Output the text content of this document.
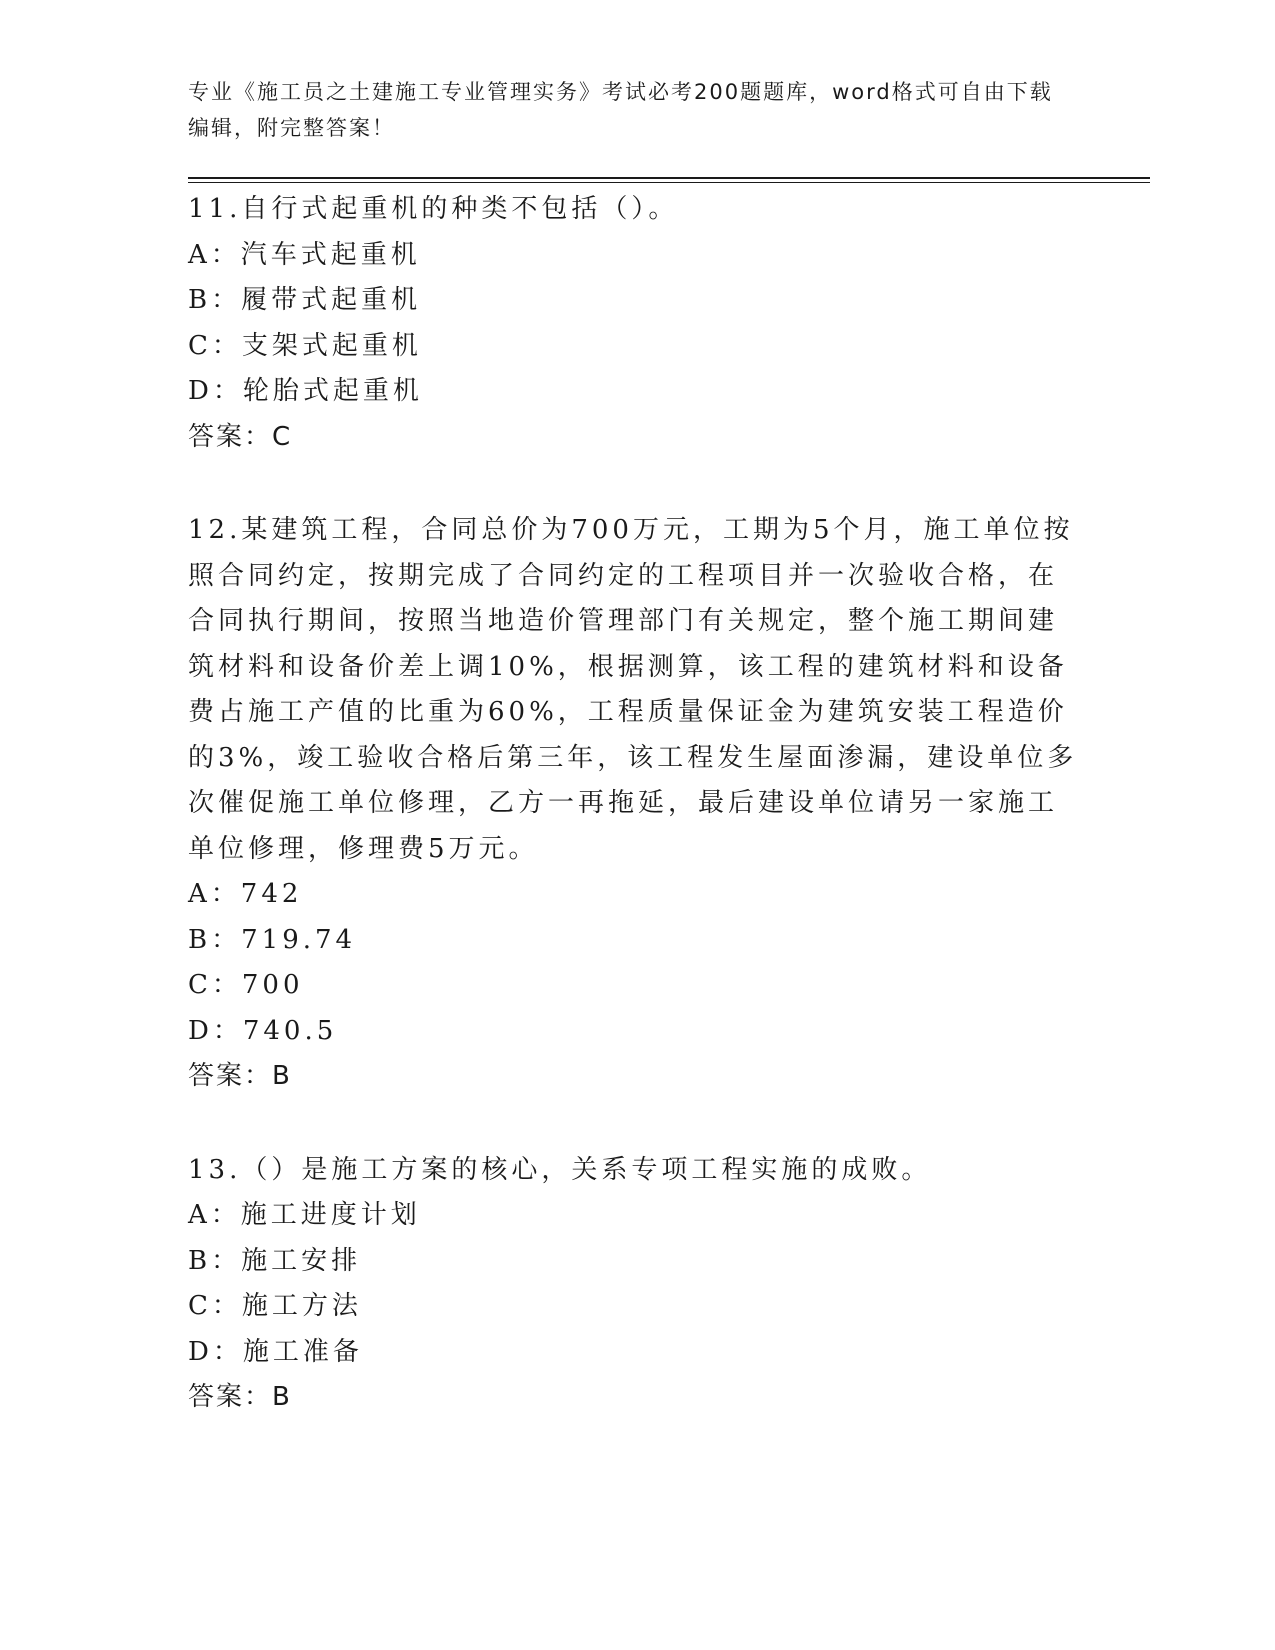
专业《施工员之土建施工专业管理实务》考试必考200题题库，word格式可自由下载编辑，附完整答案！
11.自行式起重机的种类不包括（）。
A：汽车式起重机
B：履带式起重机
C：支架式起重机
D：轮胎式起重机
答案：C
12.某建筑工程，合同总价为700万元，工期为5个月，施工单位按照合同约定，按期完成了合同约定的工程项目并一次验收合格，在合同执行期间，按照当地造价管理部门有关规定，整个施工期间建筑材料和设备价差上调10%，根据测算，该工程的建筑材料和设备费占施工产值的比重为60%，工程质量保证金为建筑安装工程造价的3%，竣工验收合格后第三年，该工程发生屋面渗漏，建设单位多次催促施工单位修理，乙方一再拖延，最后建设单位请另一家施工单位修理，修理费5万元。
A：742
B：719.74
C：700
D：740.5
答案：B
13.（）是施工方案的核心，关系专项工程实施的成败。
A：施工进度计划
B：施工安排
C：施工方法
D：施工准备
答案：B
